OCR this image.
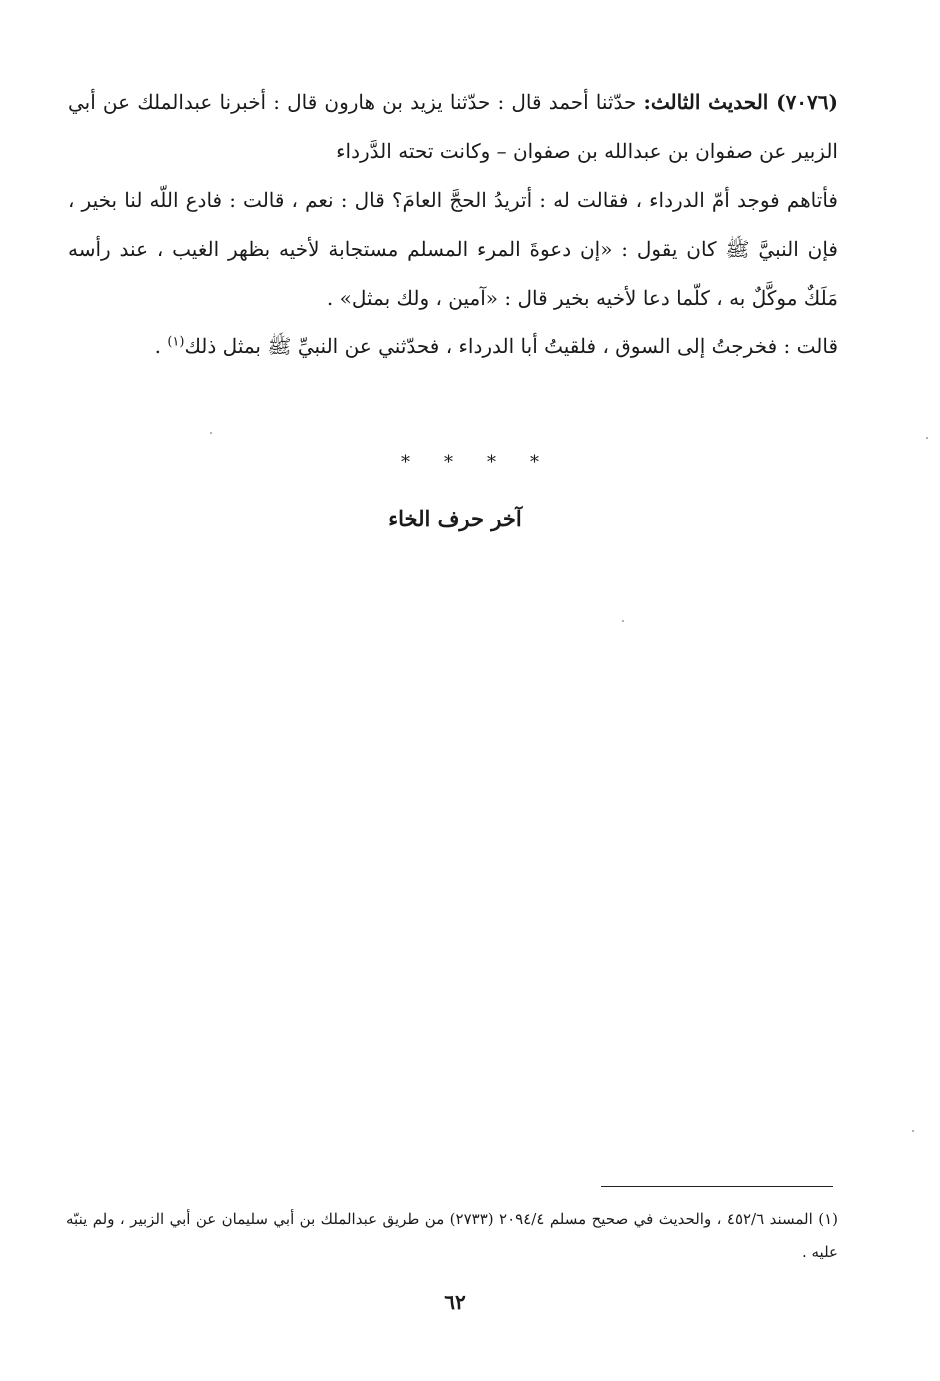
(٧٠٧٦) الحديث الثالث: حدّثنا أحمد قال : حدّثنا يزيد بن هارون قال : أخبرنا عبدالملك عن أبي الزبير عن صفوان بن عبدالله بن صفوان – وكانت تحته الدَّرداء

فأتاهم فوجد أمّ الدرداء ، فقالت له : أتريدُ الحجَّ العامَ؟ قال : نعم ، قالت : فادع اللّه لنا بخير ، فإن النبيَّ ﷺ كان يقول : «إن دعوةَ المرء المسلم مستجابة لأخيه بظهر الغيب ، عند رأسه مَلَكٌ موكَّلٌ به ، كلّما دعا لأخيه بخير قال : «آمين ، ولك بمثل» .

قالت : فخرجتُ إلى السوق ، فلقيتُ أبا الدرداء ، فحدّثني عن النبيِّ ﷺ بمثل ذلك$^{(١)}$ .

****
آخر حرف الخاء

(١) المسند ٤٥٢/٦ ، والحديث في صحيح مسلم ٢٠٩٤/٤ (٢٧٣٣) من طريق عبدالملك بن أبي سليمان عن أبي الزبير ، ولم ينبّه عليه .

٦٢
